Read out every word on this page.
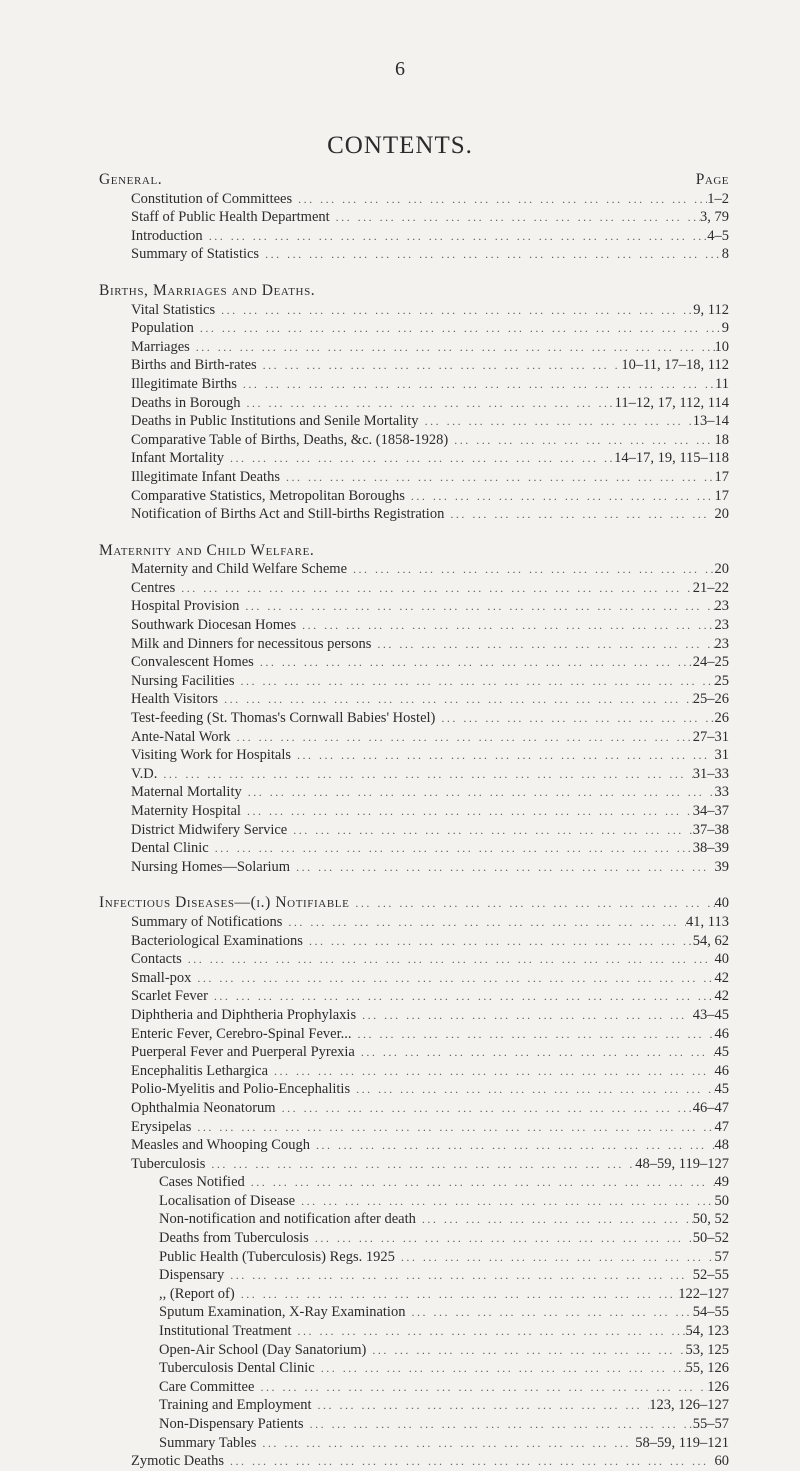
6
CONTENTS.
Page
General.
Constitution of Committees ... .	1–2
Staff of Public Health Department ... .	3, 79
Introduction ... .	4–5
Summary of Statistics ... .	8
Births, Marriages and Deaths.
Vital Statistics ... .	9, 112
Population ... .	9
Marriages ... .	10
Births and Birth-rates ... .	10–11, 17–18, 112
Illegitimate Births ... .	11
Deaths in Borough ... .	11–12, 17, 112, 114
Deaths in Public Institutions and Senile Mortality ... .	13–14
Comparative Table of Births, Deaths, &c. (1858-1928) ... .	18
Infant Mortality ... .	14–17, 19, 115–118
Illegitimate Infant Deaths ... .	17
Comparative Statistics, Metropolitan Boroughs ... .	17
Notification of Births Act and Still-births Registration ... .	20
Maternity and Child Welfare.
Maternity and Child Welfare Scheme ... .	20
Centres ... .	21–22
Hospital Provision ... .	23
Southwark Diocesan Homes ... .	23
Milk and Dinners for necessitous persons ... .	23
Convalescent Homes ... .	24–25
Nursing Facilities ... .	25
Health Visitors ... .	25–26
Test-feeding (St. Thomas's Cornwall Babies' Hostel) ... .	26
Ante-Natal Work ... .	27–31
Visiting Work for Hospitals ... .	31
V.D. ... .	31–33
Maternal Mortality ... .	33
Maternity Hospital ... .	34–37
District Midwifery Service ... .	37–38
Dental Clinic ... .	38–39
Nursing Homes—Solarium ... .	39
Infectious Diseases—(i.) Notifiable ... .	40
Summary of Notifications ... .	41, 113
Bacteriological Examinations ... .	54, 62
Contacts ... .	40
Small-pox ... .	42
Scarlet Fever ... .	42
Diphtheria and Diphtheria Prophylaxis ... .	43–45
Enteric Fever, Cerebro-Spinal Fever... ... .	46
Puerperal Fever and Puerperal Pyrexia ... .	45
Encephalitis Lethargica ... .	46
Polio-Myelitis and Polio-Encephalitis ... .	45
Ophthalmia Neonatorum ... .	46–47
Erysipelas ... .	47
Measles and Whooping Cough ... .	48
Tuberculosis ... .	48–59, 119–127
Cases Notified ... .	49
Localisation of Disease ... .	50
Non-notification and notification after death ... .	50, 52
Deaths from Tuberculosis ... .	50–52
Public Health (Tuberculosis) Regs. 1925 ... .	57
Dispensary ... .	52–55
,, (Report of) ... .	122–127
Sputum Examination, X-Ray Examination ... .	54–55
Institutional Treatment ... .	54, 123
Open-Air School (Day Sanatorium) ... .	53, 125
Tuberculosis Dental Clinic ... .	55, 126
Care Committee ... .	126
Training and Employment ... .	123, 126–127
Non-Dispensary Patients ... .	55–57
Summary Tables ... .	58–59, 119–121
Zymotic Deaths ... .	60
